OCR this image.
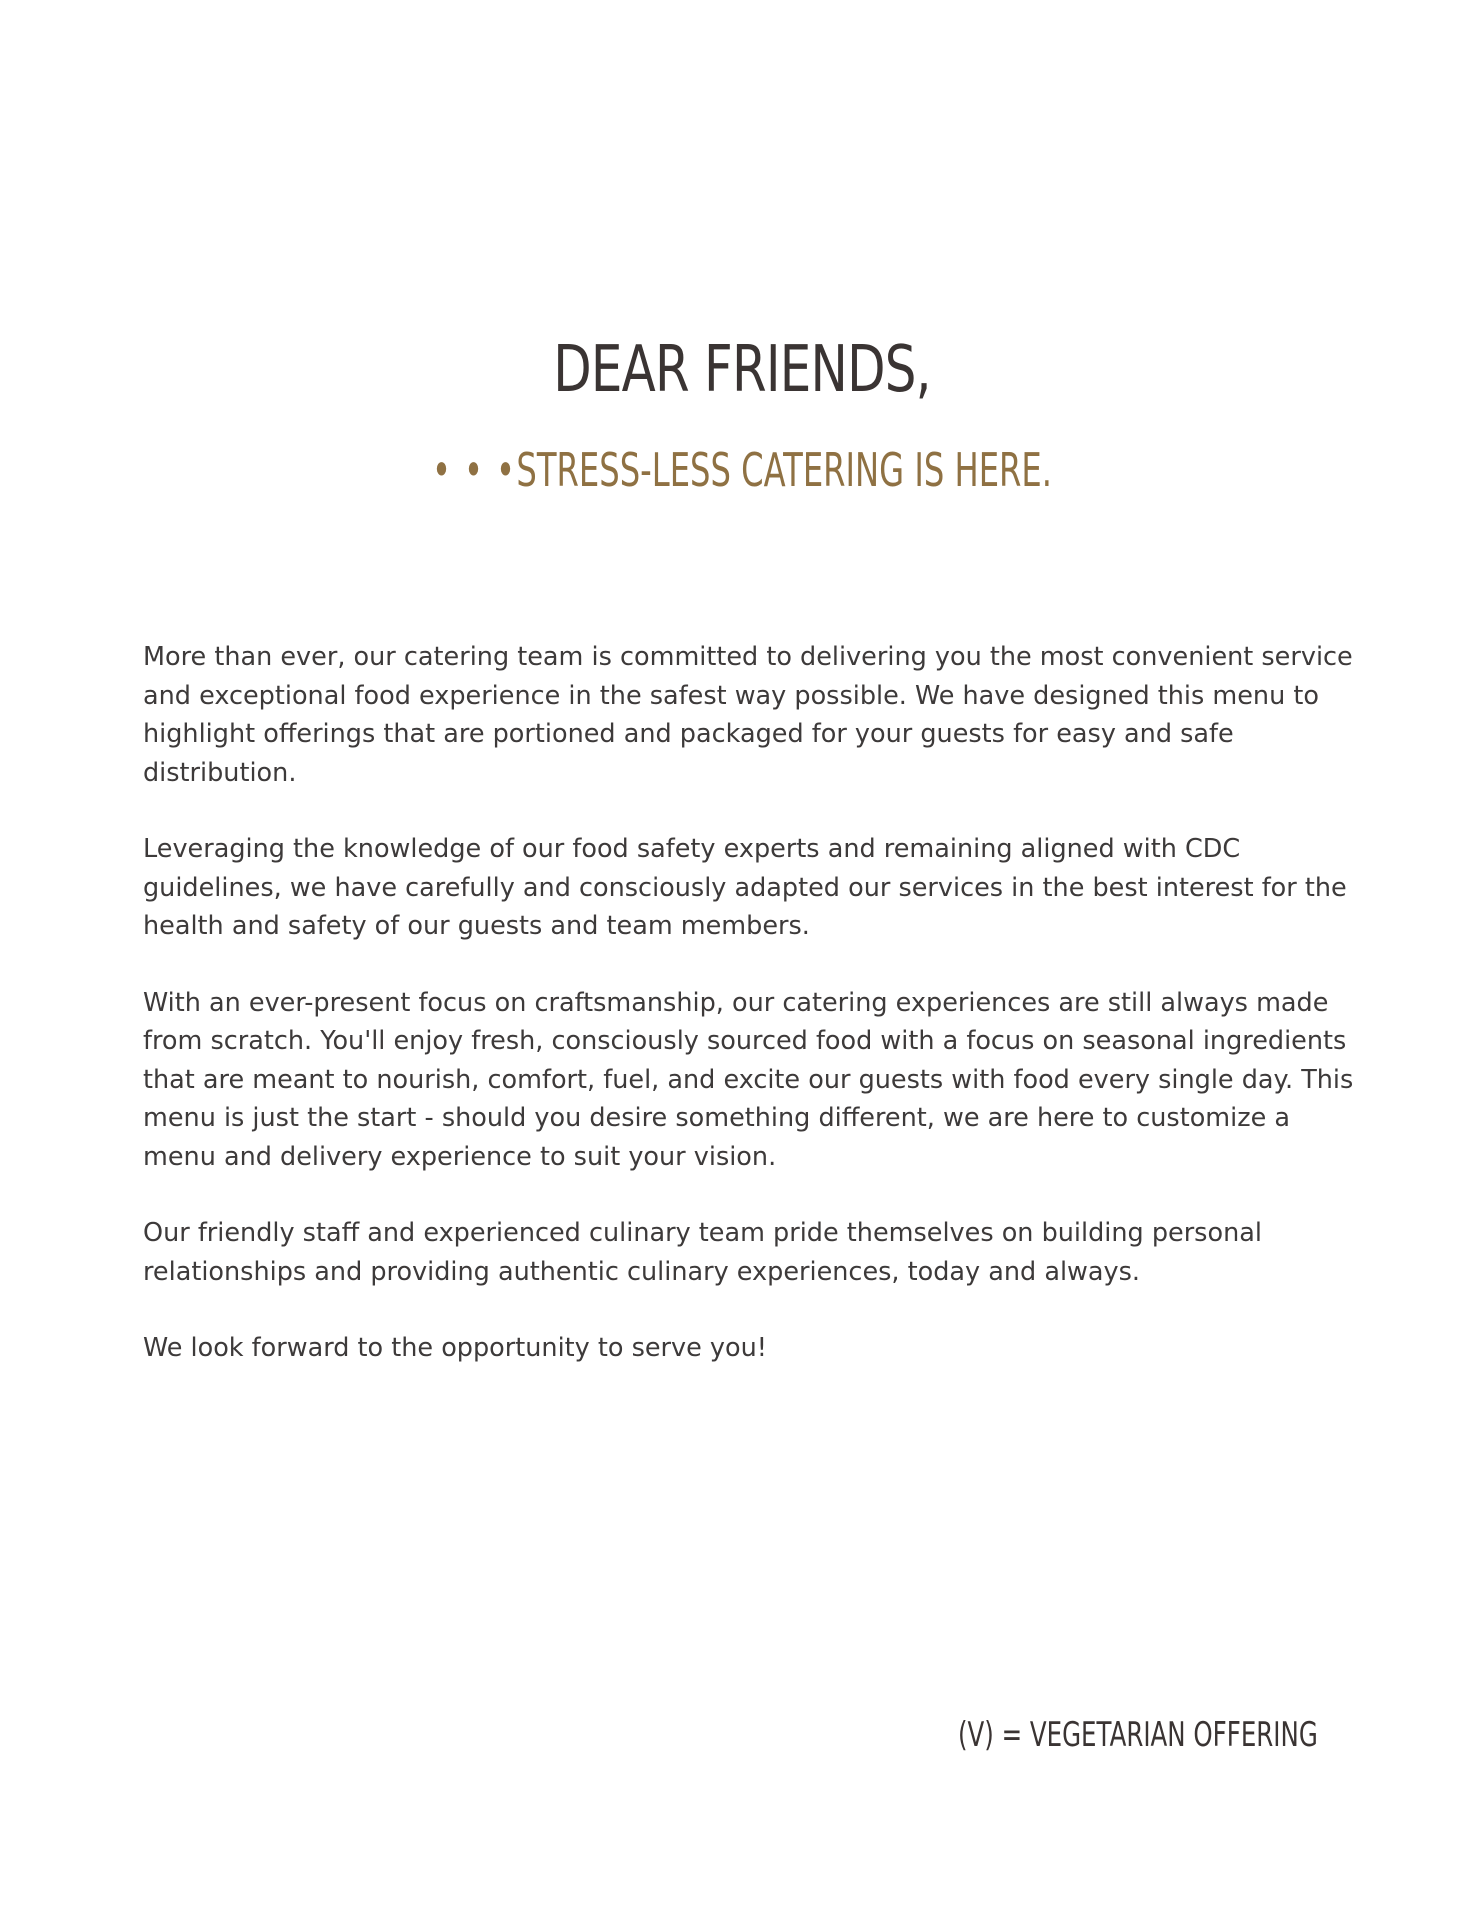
DEAR FRIENDS,
• • •STRESS-LESS CATERING IS HERE.

More than ever, our catering team is committed to delivering you the most convenient service and exceptional food experience in the safest way possible. We have designed this menu to highlight offerings that are portioned and packaged for your guests for easy and safe distribution.

Leveraging the knowledge of our food safety experts and remaining aligned with CDC guidelines, we have carefully and consciously adapted our services in the best interest for the health and safety of our guests and team members.

With an ever-present focus on craftsmanship, our catering experiences are still always made from scratch. You'll enjoy fresh, consciously sourced food with a focus on seasonal ingredients that are meant to nourish, comfort, fuel, and excite our guests with food every single day. This menu is just the start - should you desire something different, we are here to customize a menu and delivery experience to suit your vision.

Our friendly staff and experienced culinary team pride themselves on building personal relationships and providing authentic culinary experiences, today and always.

We look forward to the opportunity to serve you!

(V) = VEGETARIAN OFFERING
